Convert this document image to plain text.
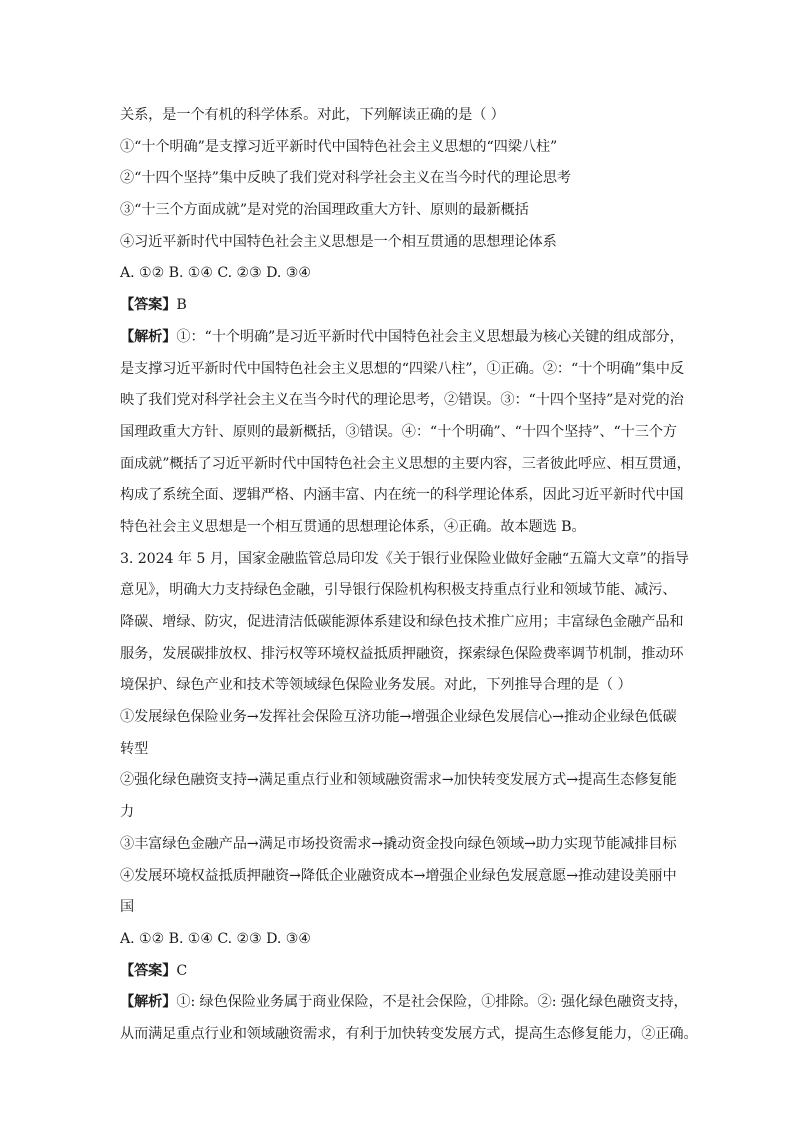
关系，是一个有机的科学体系。对此，下列解读正确的是（ ）
①“十个明确”是支撑习近平新时代中国特色社会主义思想的“四梁八柱”
②“十四个坚持”集中反映了我们党对科学社会主义在当今时代的理论思考
③“十三个方面成就”是对党的治国理政重大方针、原则的最新概括
④习近平新时代中国特色社会主义思想是一个相互贯通的思想理论体系
A. ①② B. ①④ C. ②③ D. ③④
【答案】B
【解析】①：“十个明确”是习近平新时代中国特色社会主义思想最为核心关键的组成部分，
是支撑习近平新时代中国特色社会主义思想的“四梁八柱”，①正确。②：“十个明确”集中反
映了我们党对科学社会主义在当今时代的理论思考，②错误。③：“十四个坚持”是对党的治
国理政重大方针、原则的最新概括，③错误。④：“十个明确”、“十四个坚持”、“十三个方
面成就”概括了习近平新时代中国特色社会主义思想的主要内容，三者彼此呼应、相互贯通，
构成了系统全面、逻辑严格、内涵丰富、内在统一的科学理论体系，因此习近平新时代中国
特色社会主义思想是一个相互贯通的思想理论体系，④正确。故本题选 B。
3. 2024 年 5 月，国家金融监管总局印发《关于银行业保险业做好金融“五篇大文章”的指导
意见》，明确大力支持绿色金融，引导银行保险机构积极支持重点行业和领域节能、减污、
降碳、增绿、防灾，促进清洁低碳能源体系建设和绿色技术推广应用；丰富绿色金融产品和
服务，发展碳排放权、排污权等环境权益抵质押融资，探索绿色保险费率调节机制，推动环
境保护、绿色产业和技术等领域绿色保险业务发展。对此，下列推导合理的是（ ）
①发展绿色保险业务→发挥社会保险互济功能→增强企业绿色发展信心→推动企业绿色低碳
转型
②强化绿色融资支持→满足重点行业和领域融资需求→加快转变发展方式→提高生态修复能
力
③丰富绿色金融产品→满足市场投资需求→撬动资金投向绿色领域→助力实现节能减排目标
④发展环境权益抵质押融资→降低企业融资成本→增强企业绿色发展意愿→推动建设美丽中
国
A. ①② B. ①④ C. ②③ D. ③④
【答案】C
【解析】①: 绿色保险业务属于商业保险，不是社会保险，①排除。②: 强化绿色融资支持，
从而满足重点行业和领域融资需求，有利于加快转变发展方式，提高生态修复能力，②正确。
